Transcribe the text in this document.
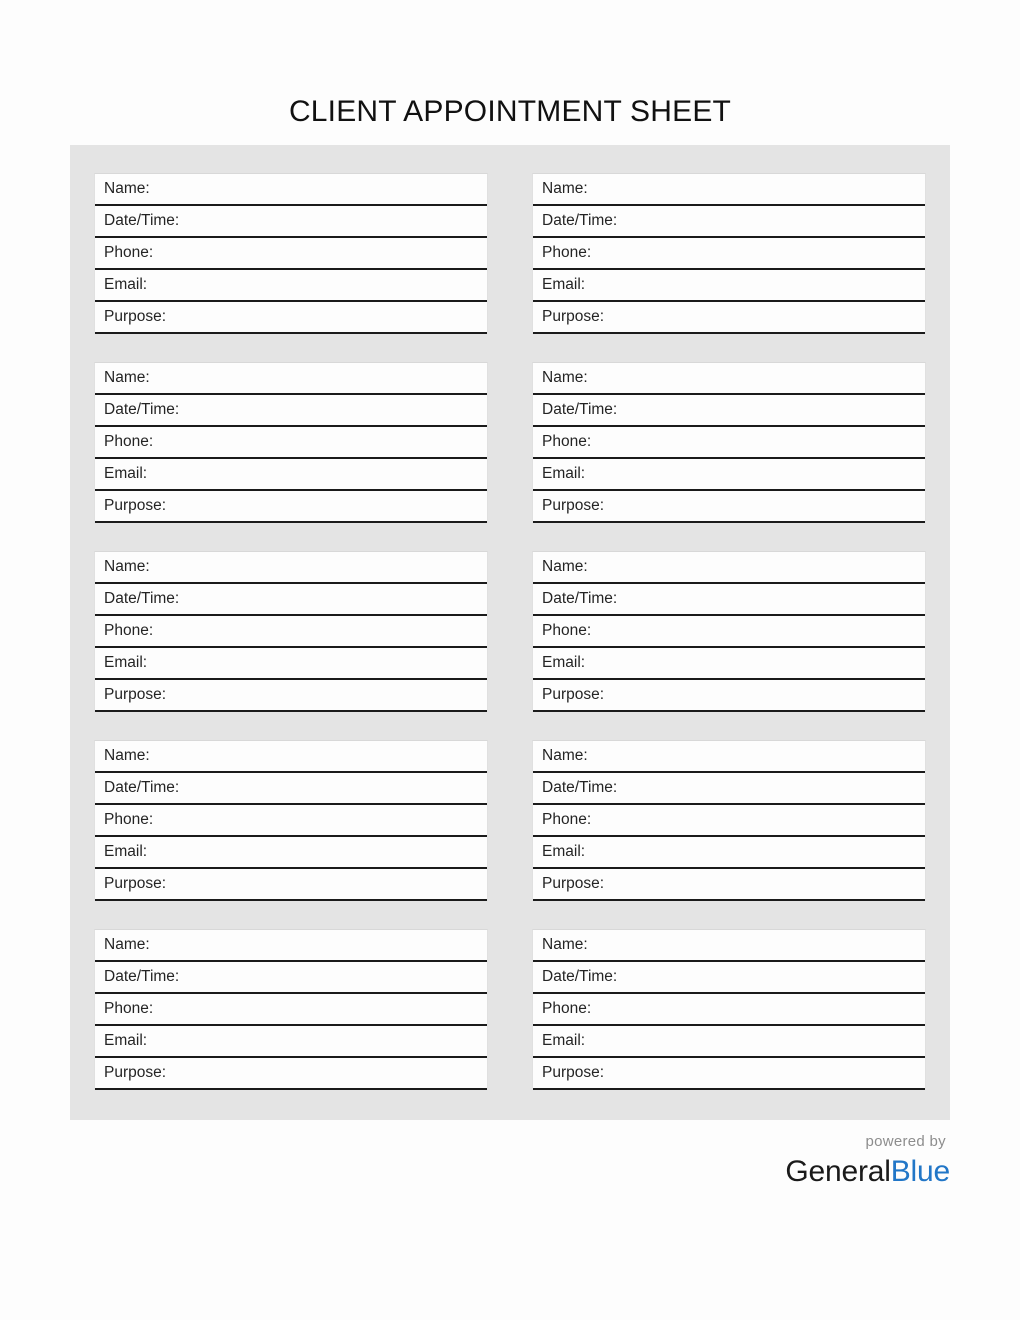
CLIENT APPOINTMENT SHEET
Name:
Date/Time:
Phone:
Email:
Purpose:
Name:
Date/Time:
Phone:
Email:
Purpose:
Name:
Date/Time:
Phone:
Email:
Purpose:
Name:
Date/Time:
Phone:
Email:
Purpose:
Name:
Date/Time:
Phone:
Email:
Purpose:
Name:
Date/Time:
Phone:
Email:
Purpose:
Name:
Date/Time:
Phone:
Email:
Purpose:
Name:
Date/Time:
Phone:
Email:
Purpose:
Name:
Date/Time:
Phone:
Email:
Purpose:
Name:
Date/Time:
Phone:
Email:
Purpose:
powered by
GeneralBlue
